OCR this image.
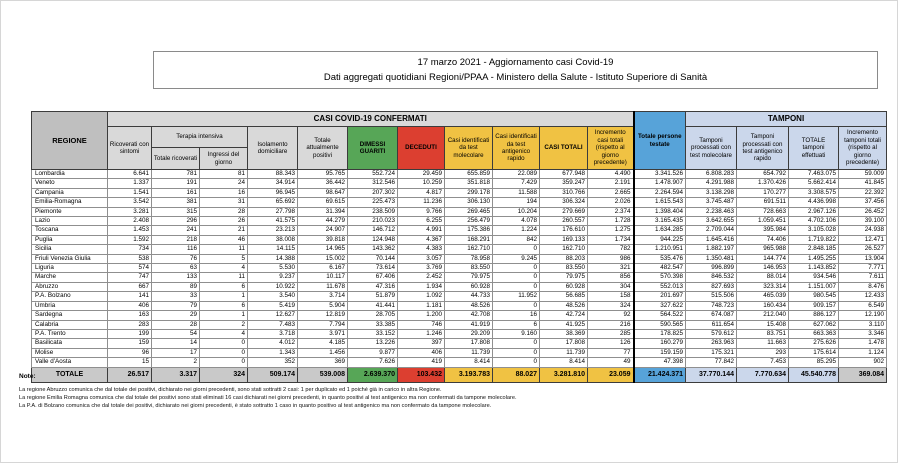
17 marzo 2021 - Aggiornamento casi Covid-19
Dati aggregati quotidiani Regioni/PPAA - Ministero della Salute - Istituto Superiore di Sanità
REGIONE	CASI COVID-19 CONFERMATI											Totale persone testate	TAMPONI			
	Ricoverati con sintomi	Terapia intensiva		Isolamento domiciliare	Totale attualmente positivi	DIMESSI GUARITI	DECEDUTI	Casi identificati da test molecolare	Casi identificati da test antigenico rapido	CASI TOTALI	Incremento casi totali (rispetto al giorno precedente)		Tamponi processati con test molecolare	Tamponi processati con test antigenico rapido	TOTALE tamponi effettuati	Incremento tamponi totali (rispetto al giorno precedente)
		Totale ricoverati	Ingressi del giorno													
Lombardia	6.641	781	81	88.343	95.765	552.724	29.459	655.859	22.089	677.948	4.490	3.341.526	6.808.283	654.792	7.463.075	59.009
Veneto	1.337	191	24	34.914	36.442	312.546	10.259	351.818	7.429	359.247	2.191	1.478.907	4.291.988	1.370.426	5.662.414	41.845
Campania	1.541	161	16	96.945	98.647	207.302	4.817	299.178	11.588	310.766	2.665	2.264.594	3.138.298	170.277	3.308.575	22.392
Emilia-Romagna	3.542	381	31	65.692	69.615	225.473	11.236	306.130	194	306.324	2.026	1.615.543	3.745.487	691.511	4.436.998	37.456
Piemonte	3.281	315	28	27.798	31.394	238.509	9.766	269.465	10.204	279.669	2.374	1.398.404	2.238.463	728.663	2.967.126	26.452
Lazio	2.408	296	26	41.575	44.279	210.023	6.255	256.479	4.078	260.557	1.728	3.165.435	3.642.655	1.059.451	4.702.106	39.100
Toscana	1.453	241	21	23.213	24.907	146.712	4.991	175.386	1.224	176.610	1.275	1.634.285	2.709.044	395.984	3.105.028	24.938
Puglia	1.592	218	46	38.008	39.818	124.948	4.367	168.291	842	169.133	1.734	944.225	1.645.416	74.406	1.719.822	12.471
Sicilia	734	116	11	14.115	14.965	143.362	4.383	162.710	0	162.710	782	1.210.951	1.882.197	965.988	2.848.185	26.527
Friuli Venezia Giulia	538	76	5	14.388	15.002	70.144	3.057	78.958	9.245	88.203	986	535.476	1.350.481	144.774	1.495.255	13.904
Liguria	574	63	4	5.530	6.167	73.614	3.769	83.550	0	83.550	321	482.547	996.899	146.953	1.143.852	7.771
Marche	747	133	11	9.237	10.117	67.406	2.452	79.975	0	79.975	856	570.398	846.532	88.014	934.546	7.611
Abruzzo	667	89	6	10.922	11.678	47.316	1.934	60.928	0	60.928	304	552.013	827.693	323.314	1.151.007	8.476
P.A. Bolzano	141	33	1	3.540	3.714	51.879	1.092	44.733	11.952	56.685	158	201.697	515.506	465.039	980.545	12.433
Umbria	406	79	6	5.419	5.904	41.441	1.181	48.526	0	48.526	324	327.622	748.723	160.434	909.157	6.549
Sardegna	163	29	1	12.627	12.819	28.705	1.200	42.708	16	42.724	92	564.522	674.087	212.040	886.127	12.190
Calabria	283	28	2	7.483	7.794	33.385	746	41.919	6	41.925	216	590.565	611.654	15.408	627.062	3.110
P.A. Trento	199	54	4	3.718	3.971	33.152	1.246	29.209	9.160	38.369	285	178.825	579.612	83.751	663.363	3.346
Basilicata	159	14	0	4.012	4.185	13.226	397	17.808	0	17.808	126	160.279	263.963	11.663	275.626	1.478
Molise	96	17	0	1.343	1.456	9.877	406	11.739	0	11.739	77	159.159	175.321	293	175.614	1.124
Valle d'Aosta	15	2	0	352	369	7.626	419	8.414	0	8.414	49	47.398	77.842	7.453	85.295	902
TOTALE	26.517	3.317	324	509.174	539.008	2.639.370	103.432	3.193.783	88.027	3.281.810	23.059	21.424.371	37.770.144	7.770.634	45.540.778	369.084
Note:
La regione Abruzzo comunica che dal totale dei positivi, dichiarato nei giorni precedenti, sono stati sottratti 2 casi: 1 per duplicato ed 1 poiché già in carico in altra Regione.
La regione Emilia Romagna comunica che dal totale dei positivi sono stati eliminati 16 casi dichiarati nei giorni precedenti, in quanto positivi al test antigenico ma non confermati da tampone molecolare.
La P.A. di Bolzano comunica che dal totale dei positivi, dichiarato nei giorni precedenti, è stato sottratto 1 caso in quanto positivo al test antigenico ma non confermato da tampone molecolare.
